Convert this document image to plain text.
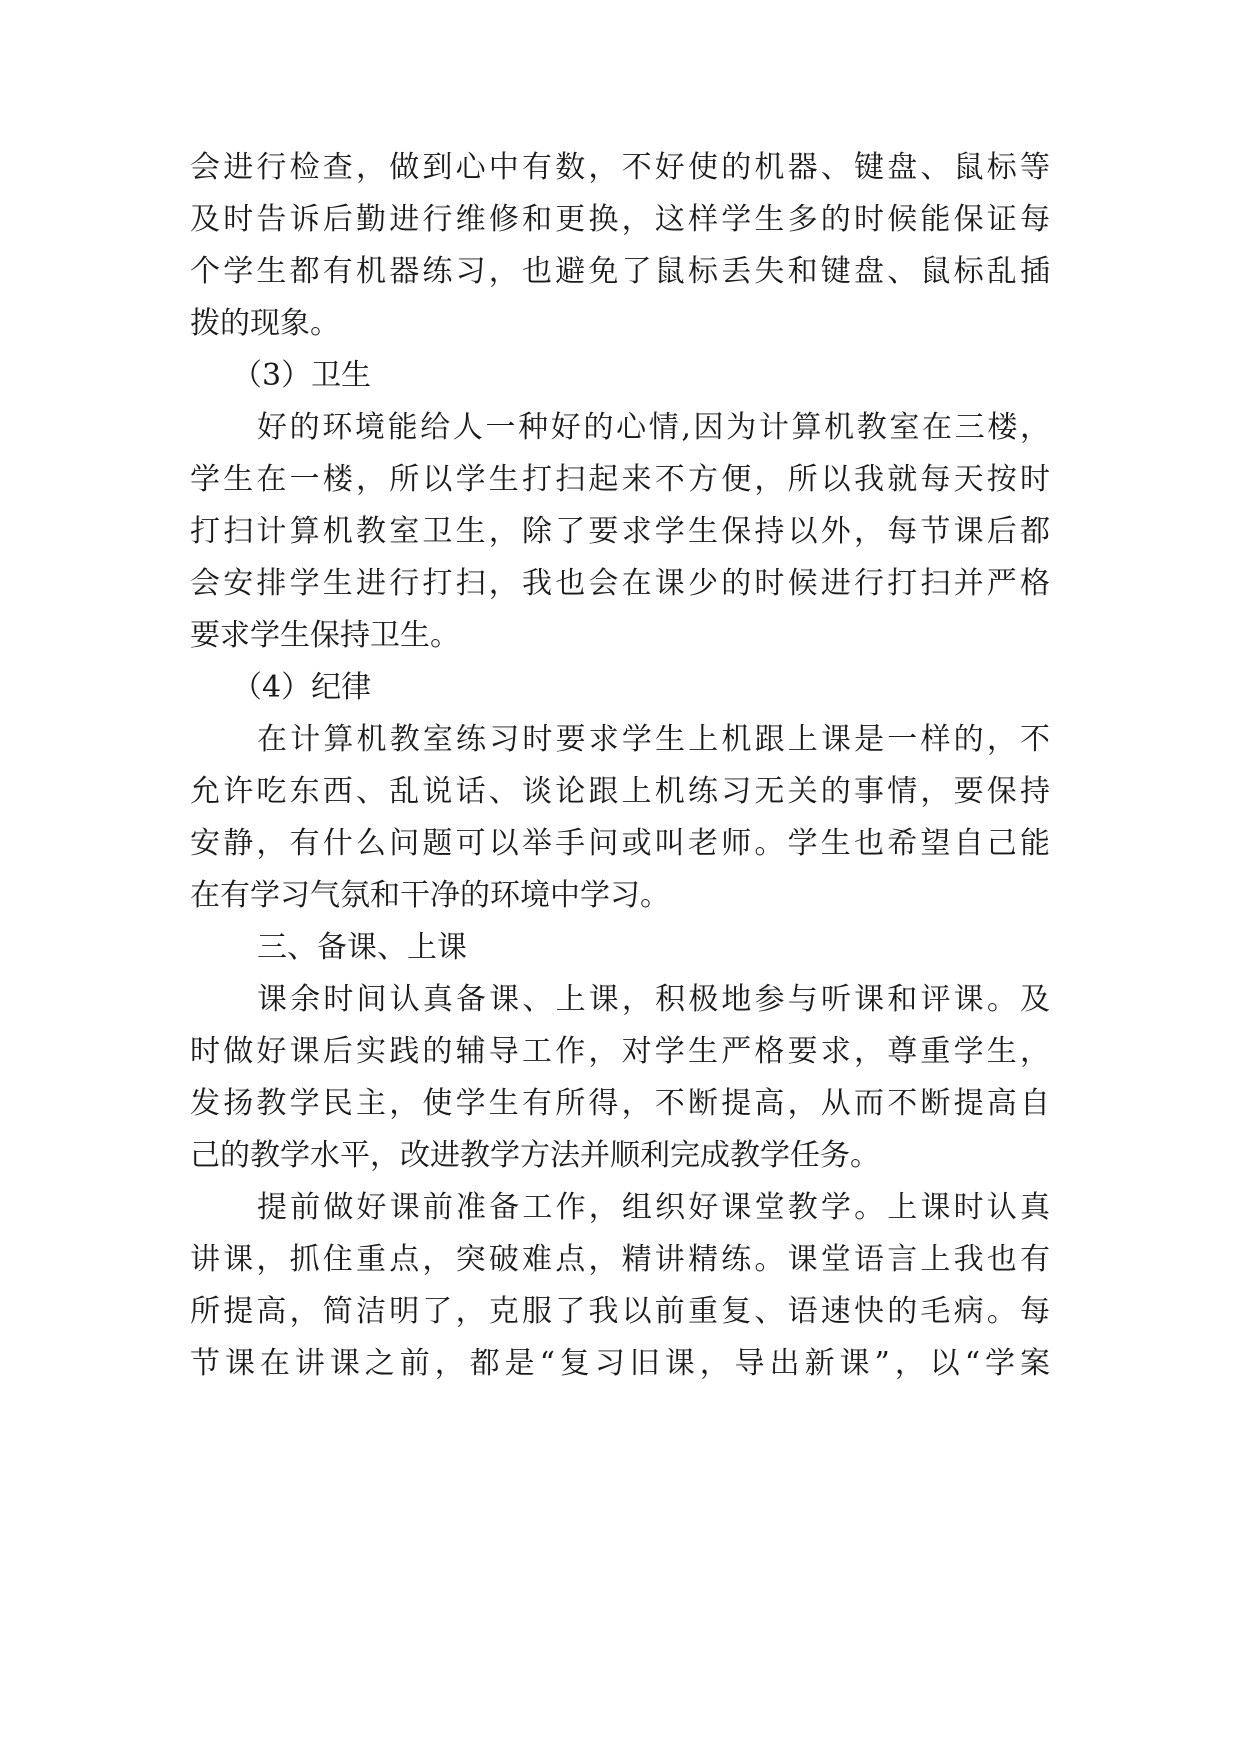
会进行检查，做到心中有数，不好使的机器、键盘、鼠标等
及时告诉后勤进行维修和更换，这样学生多的时候能保证每
个学生都有机器练习，也避免了鼠标丢失和键盘、鼠标乱插
拨的现象。
（3）卫生
好的环境能给人一种好的心情,因为计算机教室在三楼，
学生在一楼，所以学生打扫起来不方便，所以我就每天按时
打扫计算机教室卫生，除了要求学生保持以外，每节课后都
会安排学生进行打扫，我也会在课少的时候进行打扫并严格
要求学生保持卫生。
（4）纪律
在计算机教室练习时要求学生上机跟上课是一样的，不
允许吃东西、乱说话、谈论跟上机练习无关的事情，要保持
安静，有什么问题可以举手问或叫老师。学生也希望自己能
在有学习气氛和干净的环境中学习。
三、备课、上课
课余时间认真备课、上课，积极地参与听课和评课。及
时做好课后实践的辅导工作，对学生严格要求，尊重学生，
发扬教学民主，使学生有所得，不断提高，从而不断提高自
己的教学水平，改进教学方法并顺利完成教学任务。
提前做好课前准备工作，组织好课堂教学。上课时认真
讲课，抓住重点，突破难点，精讲精练。课堂语言上我也有
所提高，简洁明了，克服了我以前重复、语速快的毛病。每
节课在讲课之前，都是“复习旧课，导出新课”，以“学案
